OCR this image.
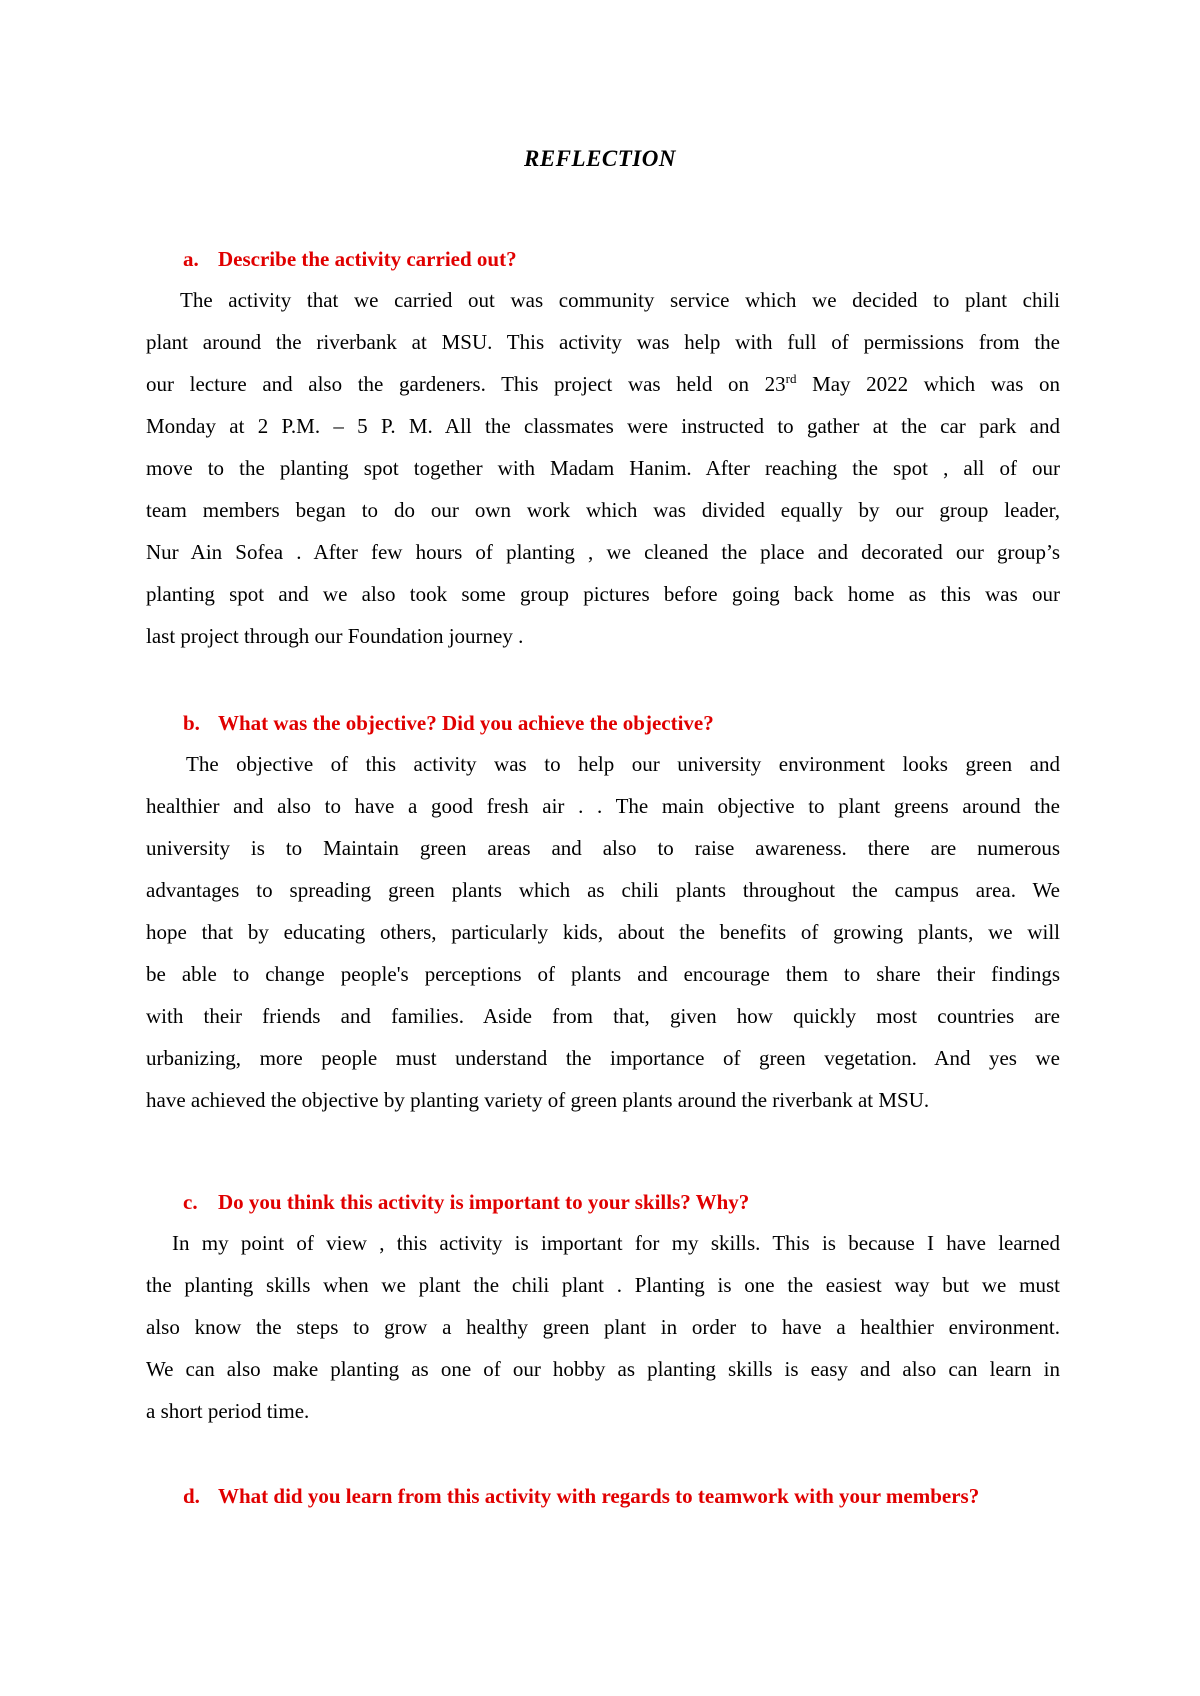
REFLECTION
a. Describe the activity carried out?
The activity that we carried out was community service which we decided to plant chili
plant around the riverbank at MSU. This activity was help with full of permissions from the
our lecture and also the gardeners. This project was held on 23rd May 2022 which was on
Monday at 2 P.M. – 5 P. M. All the classmates were instructed to gather at the car park and
move to the planting spot together with Madam Hanim. After reaching the spot , all of our
team members began to do our own work which was divided equally by our group leader,
Nur Ain Sofea . After few hours of planting , we cleaned the place and decorated our group’s
planting spot and we also took some group pictures before going back home as this was our
last project through our Foundation journey .
b. What was the objective? Did you achieve the objective?
The objective of this activity was to help our university environment looks green and
healthier and also to have a good fresh air . . The main objective to plant greens around the
university is to Maintain green areas and also to raise awareness. there are numerous
advantages to spreading green plants which as chili plants throughout the campus area. We
hope that by educating others, particularly kids, about the benefits of growing plants, we will
be able to change people's perceptions of plants and encourage them to share their findings
with their friends and families. Aside from that, given how quickly most countries are
urbanizing, more people must understand the importance of green vegetation. And yes we
have achieved the objective by planting variety of green plants around the riverbank at MSU.
c. Do you think this activity is important to your skills? Why?
In my point of view , this activity is important for my skills. This is because I have learned
the planting skills when we plant the chili plant . Planting is one the easiest way but we must
also know the steps to grow a healthy green plant in order to have a healthier environment.
We can also make planting as one of our hobby as planting skills is easy and also can learn in
a short period time.
d. What did you learn from this activity with regards to teamwork with your members?
